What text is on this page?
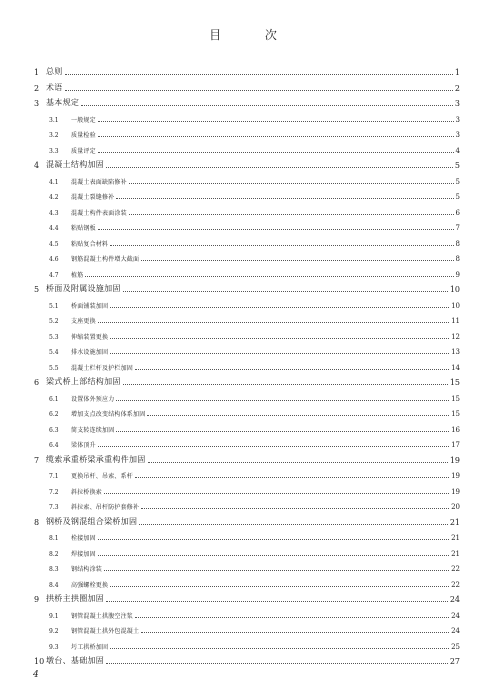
目 次
1 总则	1
2 术语	2
3 基本规定	3
3.1	一般规定	3
3.2	质量检验	3
3.3	质量评定	4
4 混凝土结构加固	5
4.1	混凝土表面缺陷修补	5
4.2	混凝土裂缝修补	5
4.3	混凝土构件表面涂装	6
4.4	粘贴钢板	7
4.5	粘贴复合材料	8
4.6	钢筋混凝土构件增大截面	8
4.7	植筋	9
5 桥面及附属设施加固	10
5.1	桥面铺装加固	10
5.2	支座更换	11
5.3	伸缩装置更换	12
5.4	排水设施加固	13
5.5	混凝土栏杆及护栏加固	14
6 梁式桥上部结构加固	15
6.1	设置体外预应力	15
6.2	增加支点改变结构体系加固	15
6.3	简支转连续加固	16
6.4	梁体顶升	17
7 缆索承重桥梁承重构件加固	19
7.1	更换吊杆、吊索、系杆	19
7.2	斜拉桥换索	19
7.3	斜拉索、吊杆防护套修补	20
8 钢桥及钢混组合梁桥加固	21
8.1	栓接加固	21
8.2	焊接加固	21
8.3	钢结构涂装	22
8.4	高强螺栓更换	22
9 拱桥主拱圈加固	24
9.1	钢管混凝土拱腹空注浆	24
9.2	钢管混凝土拱外包混凝土	24
9.3	圬工拱桥加固	25
10 墩台、基础加固	27
4
